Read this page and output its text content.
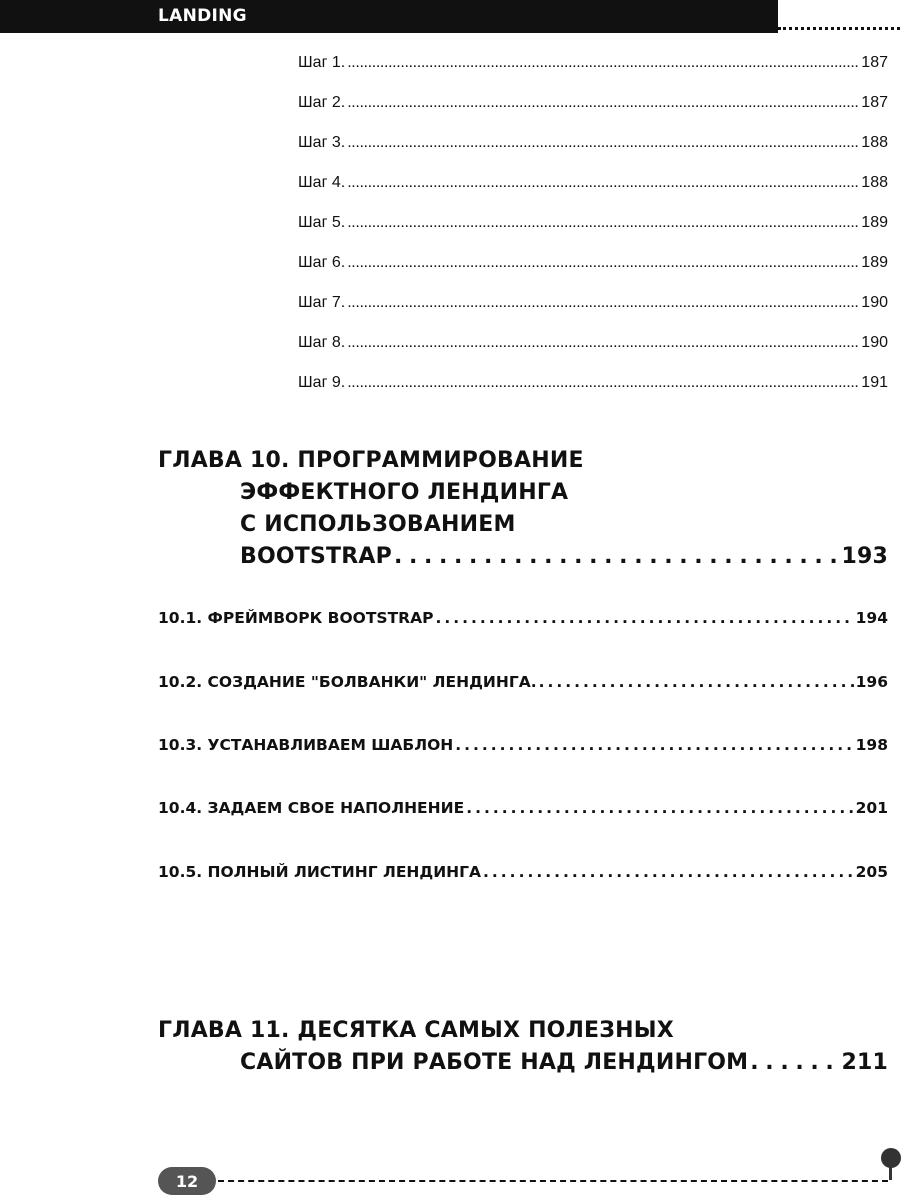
LANDING
Шаг 1. . . .	187
Шаг 2. . . .	187
Шаг 3. . . .	188
Шаг 4. . . .	188
Шаг 5. . . .	189
Шаг 6. . . .	189
Шаг 7. . . .	190
Шаг 8. . . .	190
Шаг 9. . . .	191
ГЛАВА 10. ПРОГРАММИРОВАНИЕ
ЭФФЕКТНОГО ЛЕНДИНГА
С ИСПОЛЬЗОВАНИЕМ
BOOTSTRAP . . .	193
10.1. ФРЕЙМВОРК BOOTSTRAP . . .	194
10.2. СОЗДАНИЕ "БОЛВАНКИ" ЛЕНДИНГА. . . .	196
10.3. УСТАНАВЛИВАЕМ ШАБЛОН . . .	198
10.4. ЗАДАЕМ СВОЕ НАПОЛНЕНИЕ . . .	201
10.5. ПОЛНЫЙ ЛИСТИНГ ЛЕНДИНГА . . .	205
ГЛАВА 11. ДЕСЯТКА САМЫХ ПОЛЕЗНЫХ
САЙТОВ ПРИ РАБОТЕ НАД ЛЕНДИНГОМ . . .	211
12
